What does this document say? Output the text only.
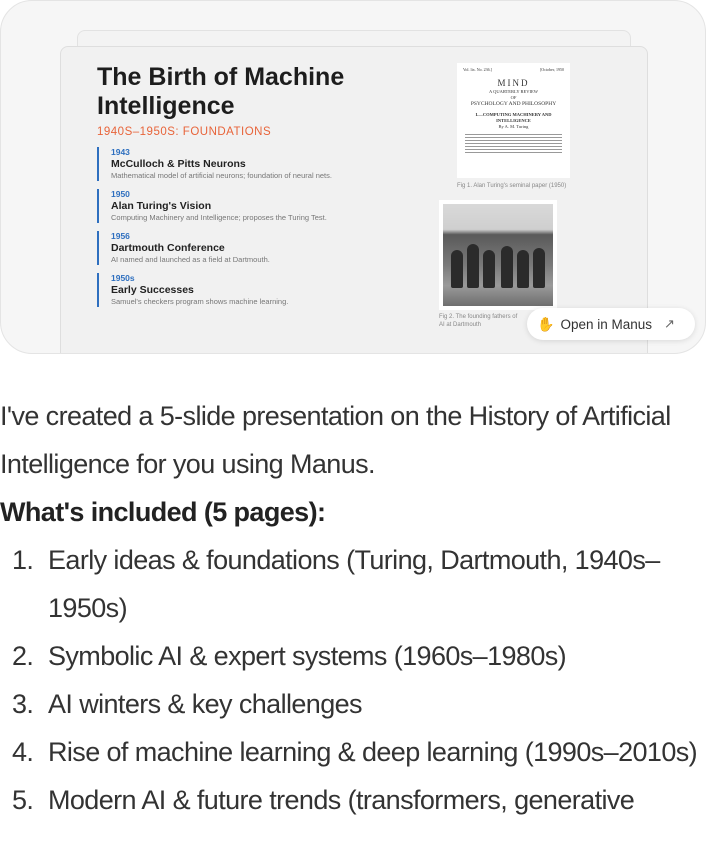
The Birth of Machine Intelligence
1940S–1950S: FOUNDATIONS
1943
McCulloch & Pitts Neurons
Mathematical model of artificial neurons; foundation of neural nets.
1950
Alan Turing's Vision
Computing Machinery and Intelligence; proposes the Turing Test.
1956
Dartmouth Conference
AI named and launched as a field at Dartmouth.
1950s
Early Successes
Samuel's checkers program shows machine learning.
Vol. lix. No. 236.]	[October, 1950
MIND
A QUARTERLY REVIEW
OF
PSYCHOLOGY AND PHILOSOPHY
I.—COMPUTING MACHINERY AND INTELLIGENCE
By A. M. Turing
Fig 1. Alan Turing's seminal paper (1950)
Fig 2. The founding fathers of AI at Dartmouth	✋ Open in Manus ↗

I've created a 5-slide presentation on the History of Artificial Intelligence for you using Manus.

What's included (5 pages):

1. Early ideas & foundations (Turing, Dartmouth, 1940s–1950s)
2. Symbolic AI & expert systems (1960s–1980s)
3. AI winters & key challenges
4. Rise of machine learning & deep learning (1990s–2010s)
5. Modern AI & future trends (transformers, generative
